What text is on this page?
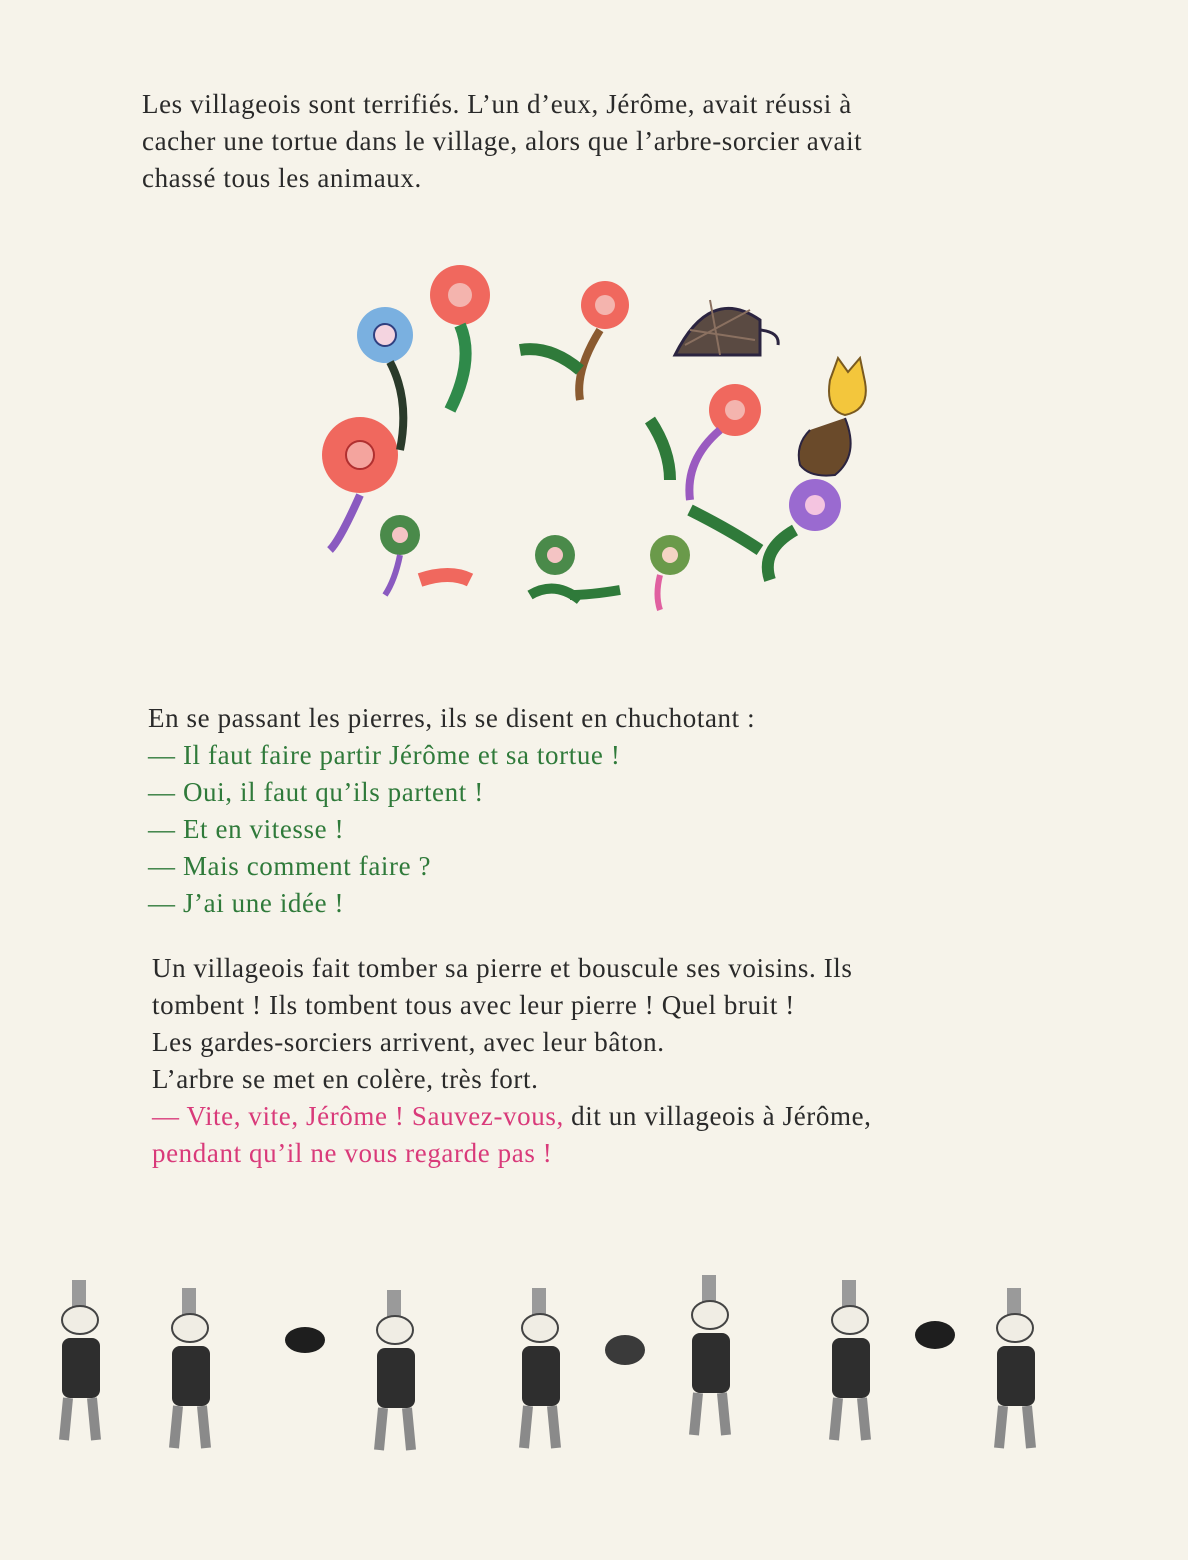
Les villageois sont terrifiés. L’un d’eux, Jérôme, avait réussi à
cacher une tortue dans le village, alors que l’arbre-sorcier avait
chassé tous les animaux.
En se passant les pierres, ils se disent en chuchotant :
— Il faut faire partir Jérôme et sa tortue !
— Oui, il faut qu’ils partent !
— Et en vitesse !
— Mais comment faire ?
— J’ai une idée !
Un villageois fait tomber sa pierre et bouscule ses voisins. Ils
tombent ! Ils tombent tous avec leur pierre ! Quel bruit !
Les gardes-sorciers arrivent, avec leur bâton.
L’arbre se met en colère, très fort.
— Vite, vite, Jérôme ! Sauvez-vous, dit un villageois à Jérôme,
pendant qu’il ne vous regarde pas !
